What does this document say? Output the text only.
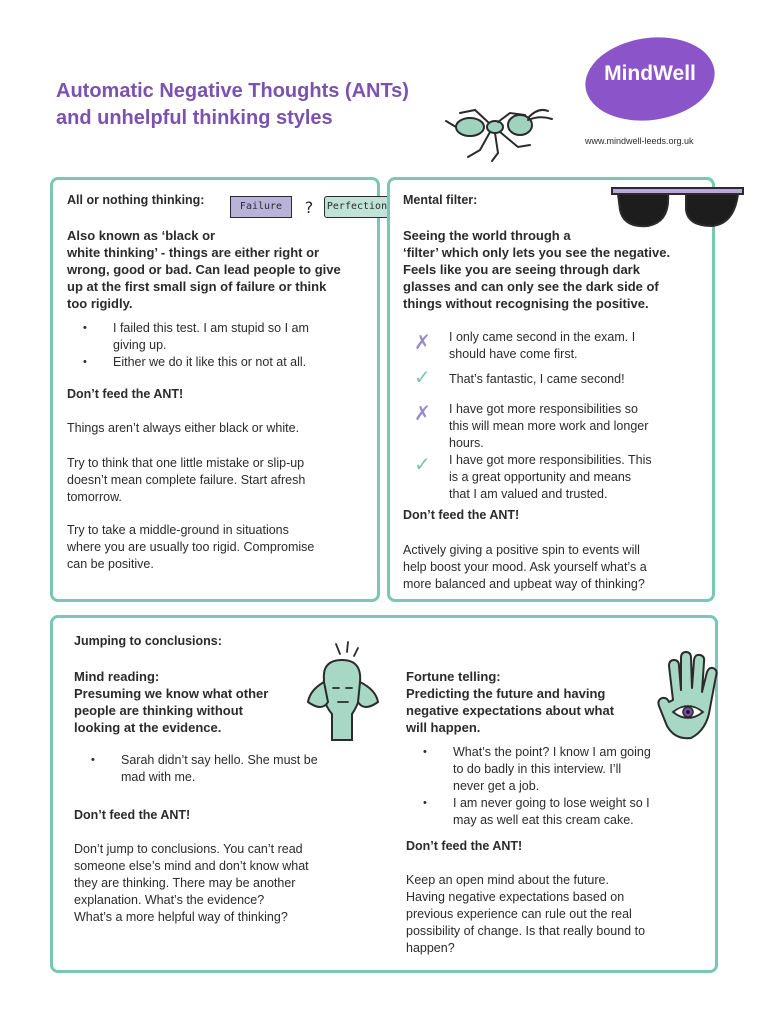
Automatic Negative Thoughts (ANTs)
and unhelpful thinking styles
MindWell
www.mindwell-leeds.org.uk
All or nothing thinking:	Failure	? Perfection
Also known as ‘black or
white thinking’ - things are either right or
wrong, good or bad. Can lead people to give
up at the first small sign of failure or think
too rigidly.
• I failed this test. I am stupid so I am
giving up.
• Either we do it like this or not at all.
Don’t feed the ANT!
Things aren’t always either black or white.
Try to think that one little mistake or slip-up
doesn’t mean complete failure. Start afresh
tomorrow.
Try to take a middle-ground in situations
where you are usually too rigid. Compromise
can be positive.
Mental filter:
Seeing the world through a
‘filter’ which only lets you see the negative.
Feels like you are seeing through dark
glasses and can only see the dark side of
things without recognising the positive.
✗ I only came second in the exam. I
should have come first.
✓ That’s fantastic, I came second!
✗ I have got more responsibilities so
this will mean more work and longer
hours.
✓ I have got more responsibilities. This
is a great opportunity and means
that I am valued and trusted.
Don’t feed the ANT!
Actively giving a positive spin to events will
help boost your mood. Ask yourself what’s a
more balanced and upbeat way of thinking?
Jumping to conclusions:
Mind reading:
Presuming we know what other
people are thinking without
looking at the evidence.
• Sarah didn’t say hello. She must be
mad with me.
Don’t feed the ANT!
Don’t jump to conclusions. You can’t read
someone else’s mind and don’t know what
they are thinking. There may be another
explanation. What’s the evidence?
What’s a more helpful way of thinking?
Fortune telling:
Predicting the future and having
negative expectations about what
will happen.
• What’s the point? I know I am going
to do badly in this interview. I’ll
never get a job.
• I am never going to lose weight so I
may as well eat this cream cake.
Don’t feed the ANT!
Keep an open mind about the future.
Having negative expectations based on
previous experience can rule out the real
possibility of change. Is that really bound to
happen?
